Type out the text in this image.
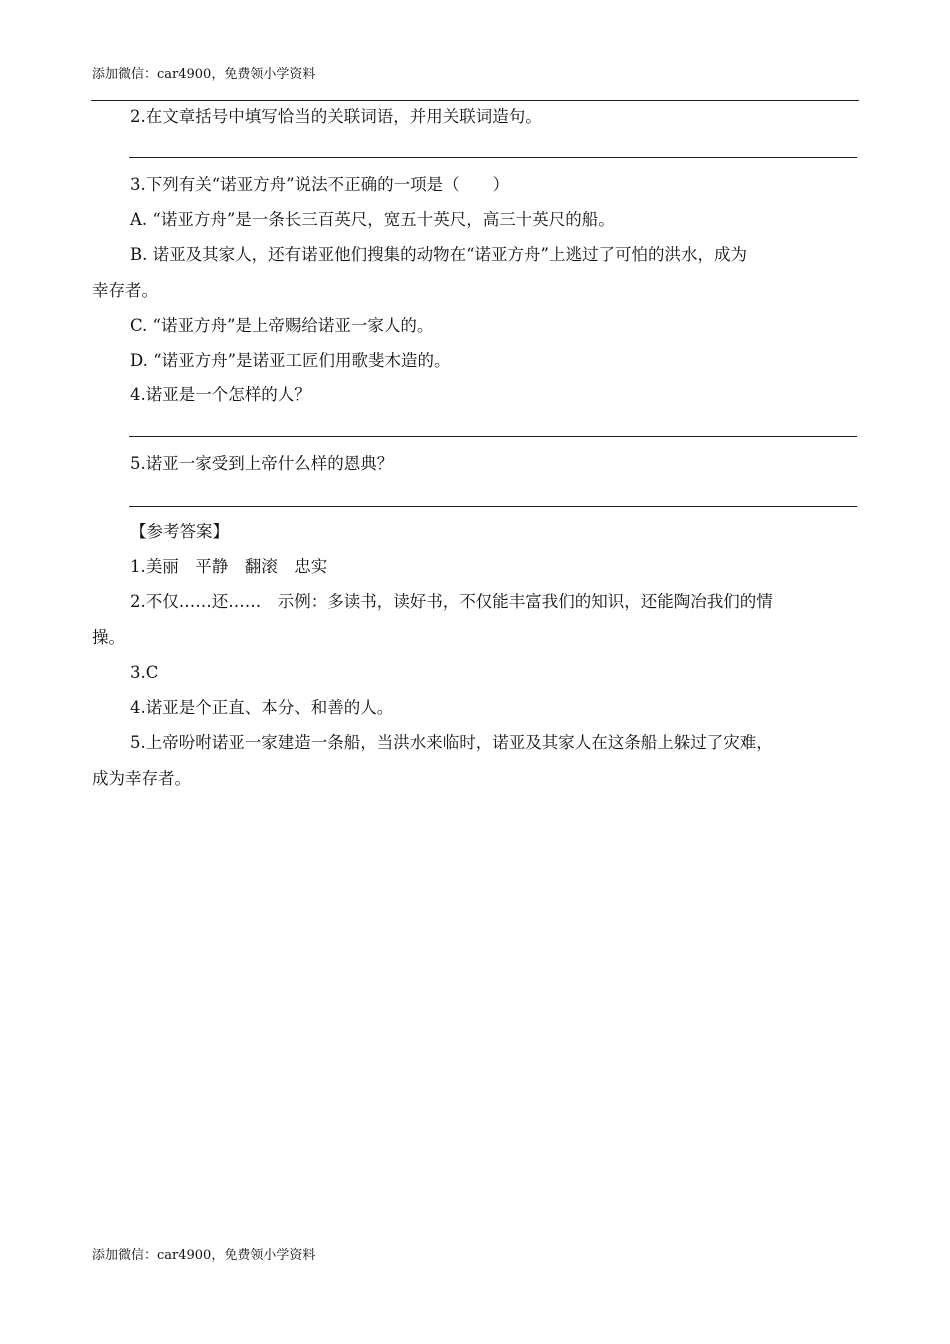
添加微信：car4900，免费领小学资料
2.在文章括号中填写恰当的关联词语，并用关联词造句。
3.下列有关“诺亚方舟”说法不正确的一项是（　　）
A. “诺亚方舟”是一条长三百英尺，宽五十英尺，高三十英尺的船。
B. 诺亚及其家人，还有诺亚他们搜集的动物在“诺亚方舟”上逃过了可怕的洪水，成为
幸存者。
C. “诺亚方舟”是上帝赐给诺亚一家人的。
D. “诺亚方舟”是诺亚工匠们用歌斐木造的。
4.诺亚是一个怎样的人？
5.诺亚一家受到上帝什么样的恩典？
【参考答案】
1.美丽　平静　翻滚　忠实
2.不仅……还……　示例：多读书，读好书，不仅能丰富我们的知识，还能陶冶我们的情
操。
3.C
4.诺亚是个正直、本分、和善的人。
5.上帝吩咐诺亚一家建造一条船，当洪水来临时，诺亚及其家人在这条船上躲过了灾难，
成为幸存者。
添加微信：car4900，免费领小学资料
